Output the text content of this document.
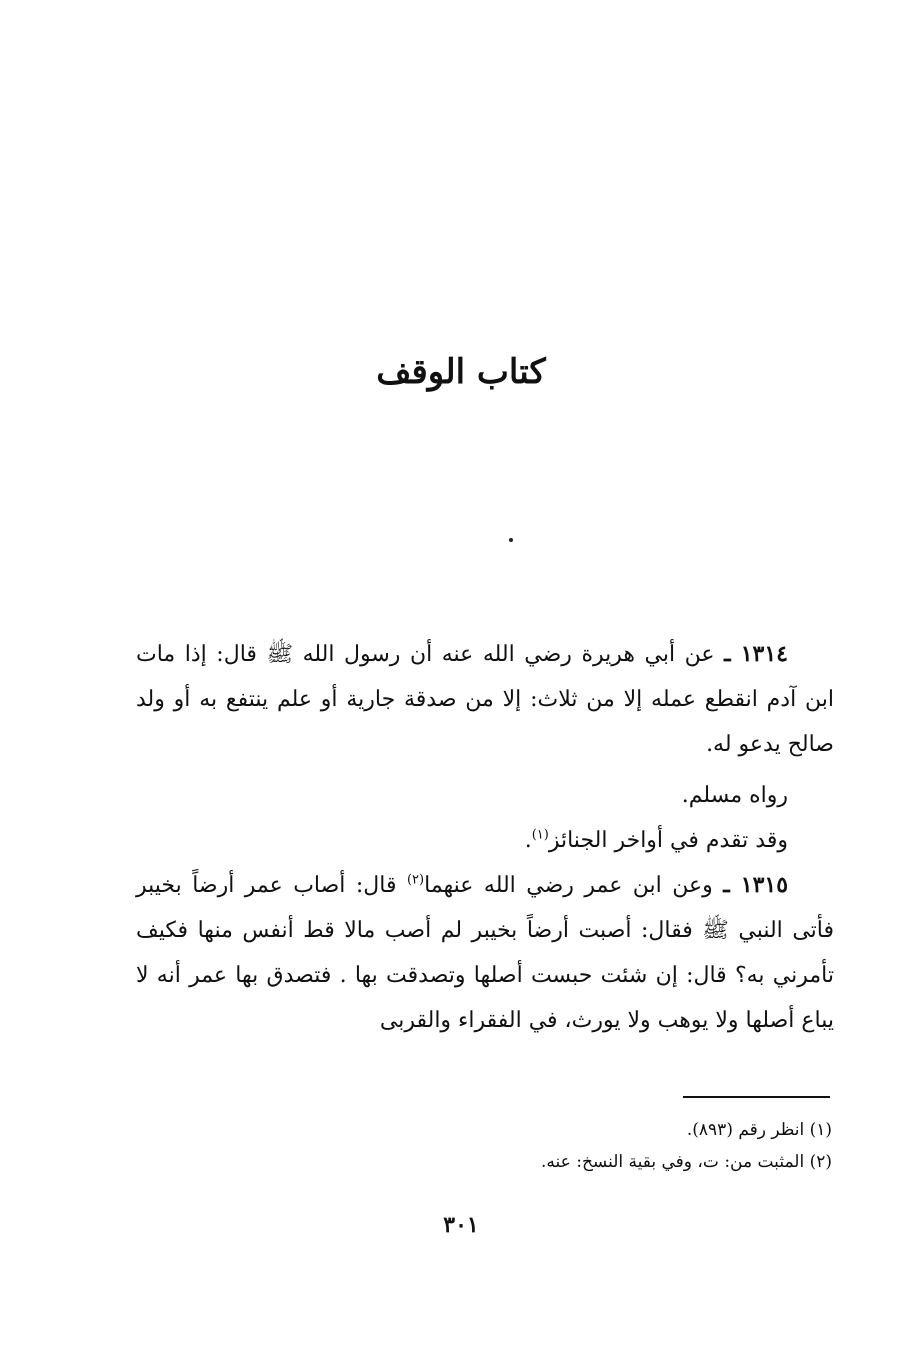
كتاب الوقف

١٣١٤ ـ عن أبي هريرة رضي الله عنه أن رسول الله ﷺ قال: إذا مات ابن آدم انقطع عمله إلا من ثلاث: إلا من صدقة جارية أو علم ينتفع به أو ولد صالح يدعو له.

رواه مسلم.

وقد تقدم في أواخر الجنائز$^{(١)}$.

١٣١٥ ـ وعن ابن عمر رضي الله عنهما$^{(٢)}$ قال: أصاب عمر أرضاً بخيبر فأتى النبي ﷺ فقال: أصبت أرضاً بخيبر لم أصب مالا قط أنفس منها فكيف تأمرني به؟ قال: إن شئت حبست أصلها وتصدقت بها . فتصدق بها عمر أنه لا يباع أصلها ولا يوهب ولا يورث، في الفقراء والقربى

(١) انظر رقم (٨٩٣).

(٢) المثبت من: ت، وفي بقية النسخ: عنه.

٣٠١
